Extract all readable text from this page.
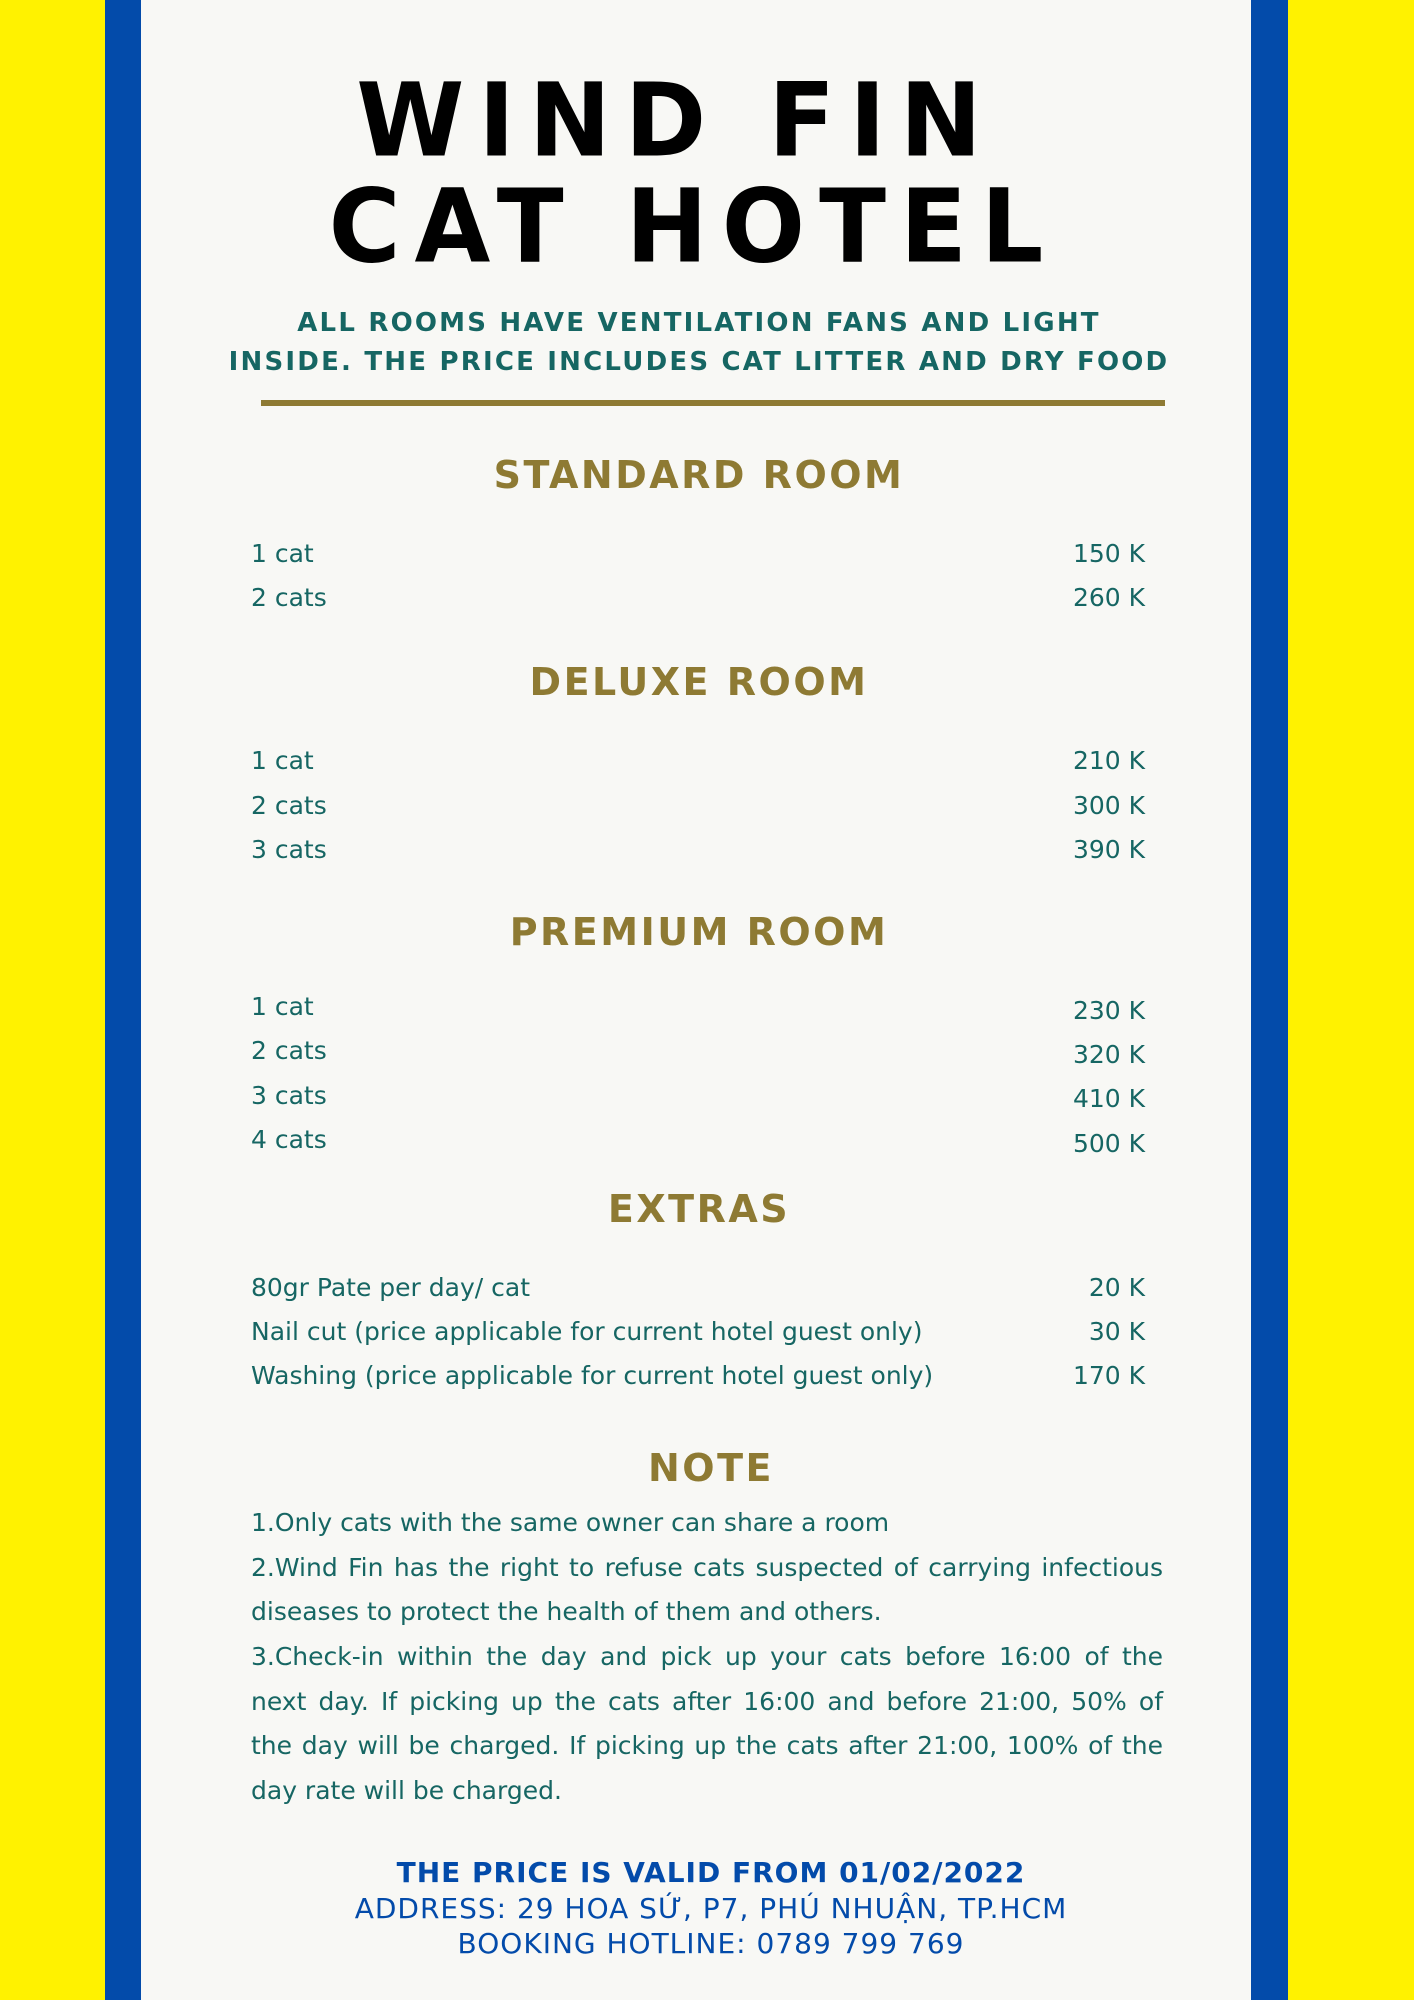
WIND FIN
CAT HOTEL
ALL ROOMS HAVE VENTILATION FANS AND LIGHT
INSIDE. THE PRICE INCLUDES CAT LITTER AND DRY FOOD
STANDARD ROOM
1 cat	150 K
2 cats	260 K
DELUXE ROOM
1 cat	210 K
2 cats	300 K
3 cats	390 K
PREMIUM ROOM
1 cat	230 K
2 cats	320 K
3 cats	410 K
4 cats	500 K
EXTRAS
80gr Pate per day/ cat	20 K
Nail cut (price applicable for current hotel guest only)	30 K
Washing (price applicable for current hotel guest only)	170 K
NOTE
1.Only cats with the same owner can share a room
2.Wind Fin has the right to refuse cats suspected of carrying infectious
diseases to protect the health of them and others.
3.Check-in within the day and pick up your cats before 16:00 of the
next day. If picking up the cats after 16:00 and before 21:00, 50% of
the day will be charged. If picking up the cats after 21:00, 100% of the
day rate will be charged.
THE PRICE IS VALID FROM 01/02/2022
ADDRESS: 29 HOA SỨ, P7, PHÚ NHUẬN, TP.HCM
BOOKING HOTLINE: 0789 799 769
